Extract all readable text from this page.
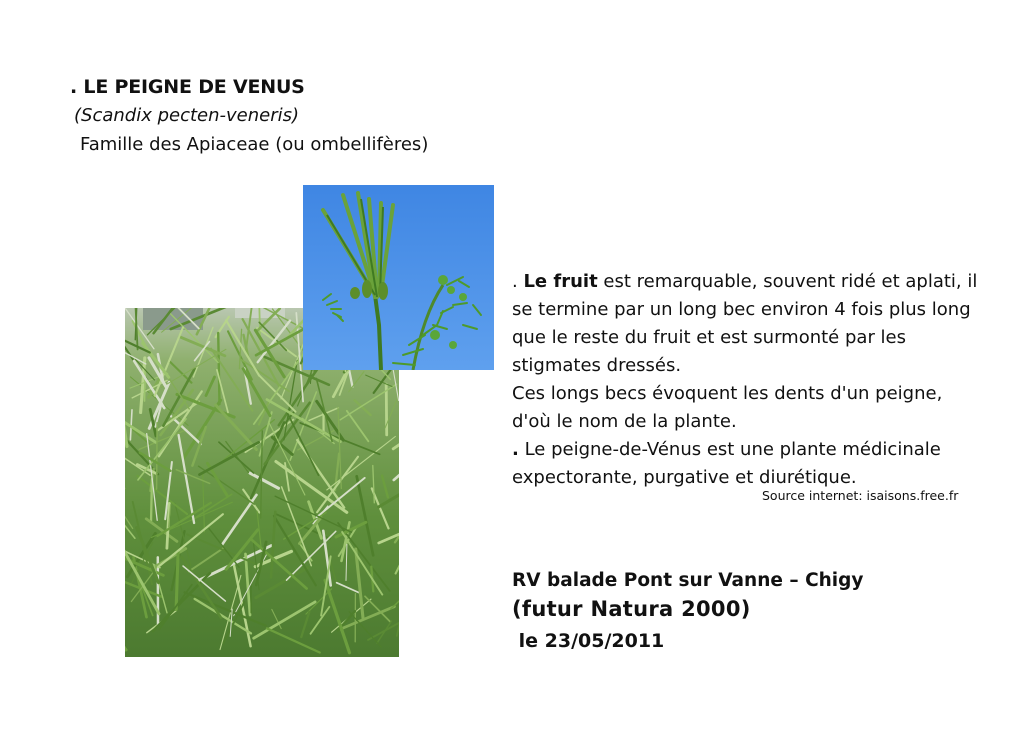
. LE PEIGNE DE VENUS
(Scandix pecten-veneris)
Famille des Apiaceae (ou ombellifères)

. Le fruit est remarquable, souvent ridé et aplati, il se termine par un long bec environ 4 fois plus long que le reste du fruit et est surmonté par les stigmates dressés.

Ces longs becs évoquent les dents d'un peigne, d'où le nom de la plante.

. Le peigne-de-Vénus est une plante médicinale expectorante, purgative et diurétique.

Source internet: isaisons.free.fr
RV balade Pont sur Vanne – Chigy
(futur Natura 2000)
le 23/05/2011
